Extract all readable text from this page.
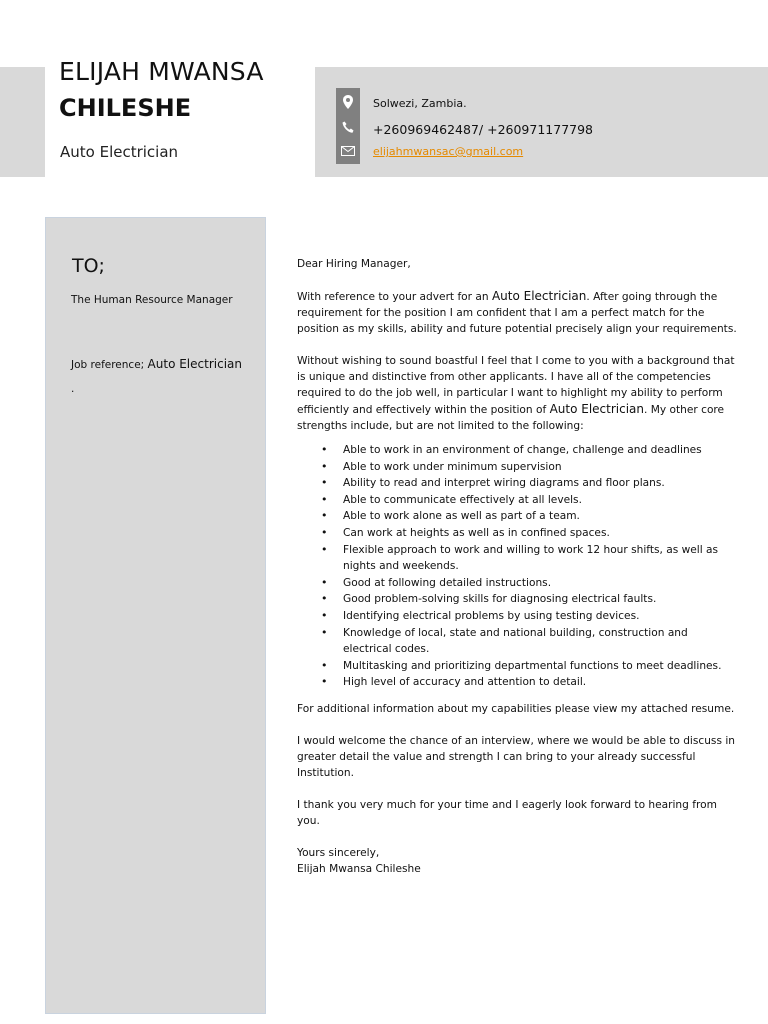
ELIJAH MWANSA
CHILESHE
Auto Electrician
Solwezi, Zambia.
+260969462487/ +260971177798
elijahmwansac@gmail.com
TO;
The Human Resource Manager
Job reference; Auto Electrician
.

Dear Hiring Manager,

With reference to your advert for an Auto Electrician. After going through the requirement for the position I am confident that I am a perfect match for the position as my skills, ability and future potential precisely align your requirements.

Without wishing to sound boastful I feel that I come to you with a background that is unique and distinctive from other applicants. I have all of the competencies required to do the job well, in particular I want to highlight my ability to perform efficiently and effectively within the position of Auto Electrician. My other core strengths include, but are not limited to the following:

• Able to work in an environment of change, challenge and deadlines
• Able to work under minimum supervision
• Ability to read and interpret wiring diagrams and floor plans.
• Able to communicate effectively at all levels.
• Able to work alone as well as part of a team.
• Can work at heights as well as in confined spaces.
• Flexible approach to work and willing to work 12 hour shifts, as well as nights and weekends.
• Good at following detailed instructions.
• Good problem-solving skills for diagnosing electrical faults.
• Identifying electrical problems by using testing devices.
• Knowledge of local, state and national building, construction and electrical codes.
• Multitasking and prioritizing departmental functions to meet deadlines.
• High level of accuracy and attention to detail.

For additional information about my capabilities please view my attached resume.

I would welcome the chance of an interview, where we would be able to discuss in greater detail the value and strength I can bring to your already successful Institution.

I thank you very much for your time and I eagerly look forward to hearing from you.

Yours sincerely,

Elijah Mwansa Chileshe
